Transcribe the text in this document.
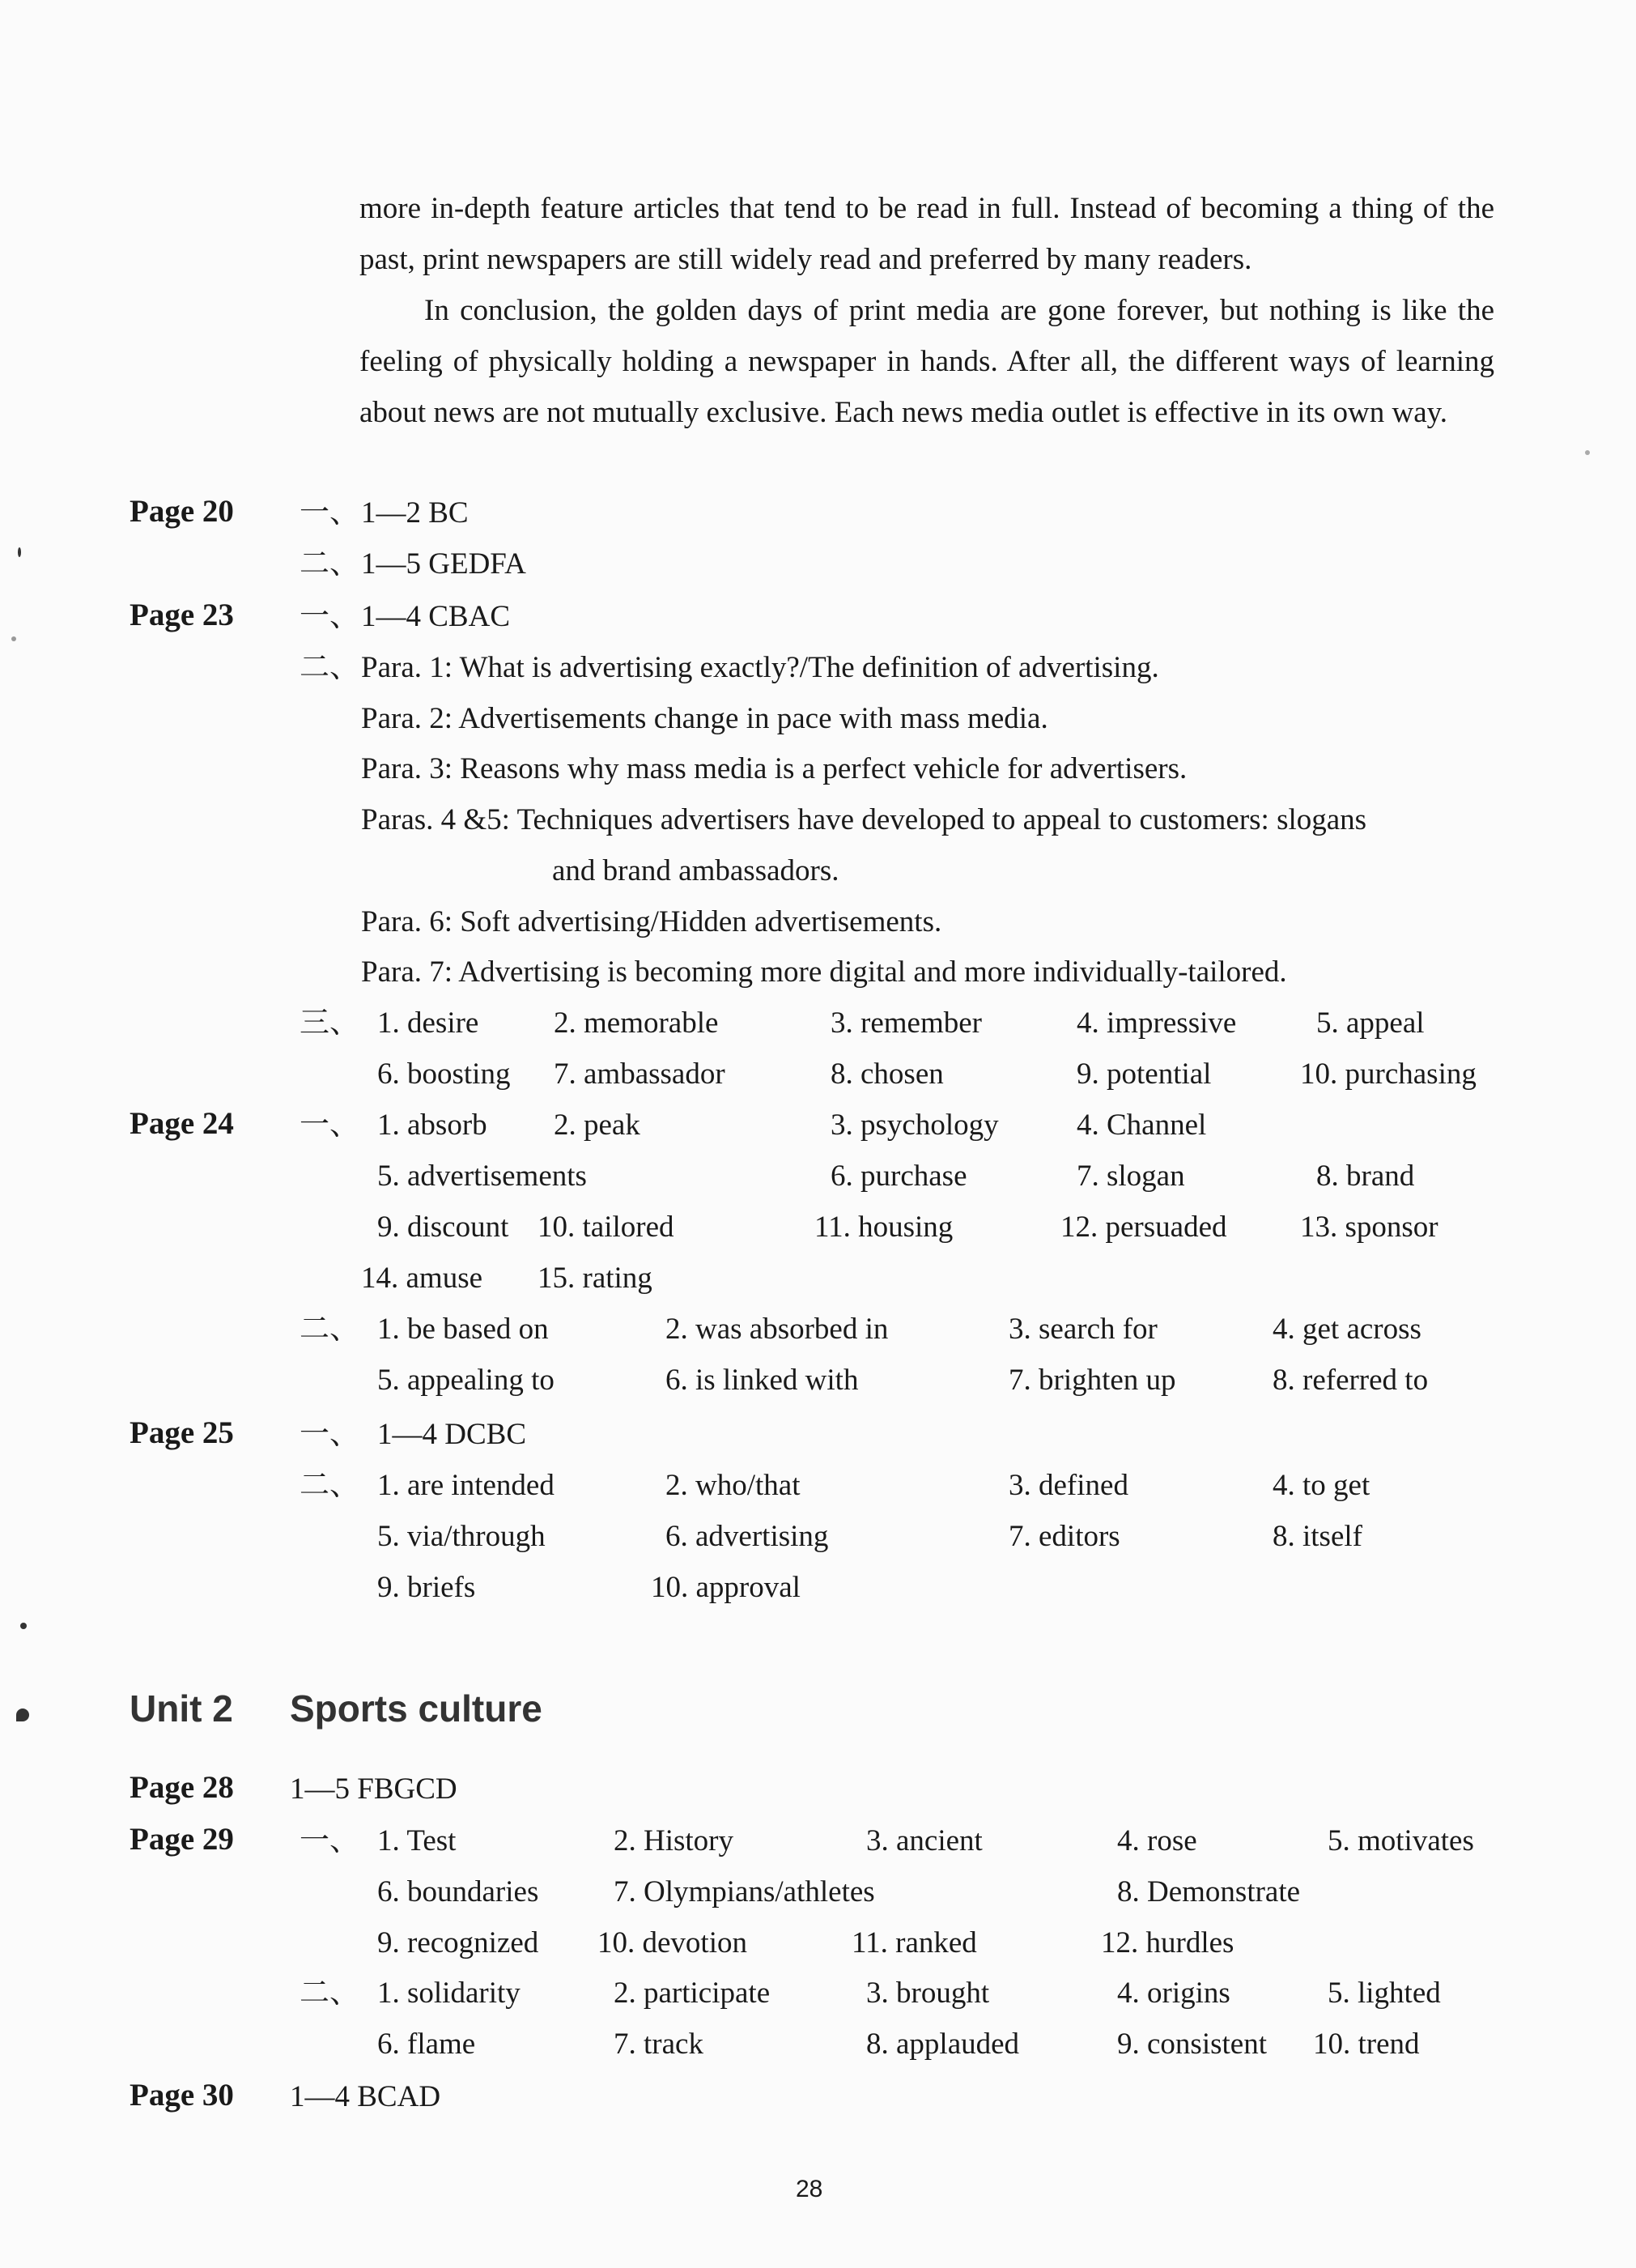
more in-depth feature articles that tend to be read in full. Instead of becoming a thing of the past, print newspapers are still widely read and preferred by many readers.
In conclusion, the golden days of print media are gone forever, but nothing is like the feeling of physically holding a newspaper in hands. After all, the different ways of learning about news are not mutually exclusive. Each news media outlet is effective in its own way.
Page 20 一、 1—2 BC
二、 1—5 GEDFA
Page 23 一、 1—4 CBAC
二、 Para. 1: What is advertising exactly?/The definition of advertising.
Para. 2: Advertisements change in pace with mass media.
Para. 3: Reasons why mass media is a perfect vehicle for advertisers.
Paras. 4 &5: Techniques advertisers have developed to appeal to customers: slogans
and brand ambassadors.
Para. 6: Soft advertising/Hidden advertisements.
Para. 7: Advertising is becoming more digital and more individually-tailored.
三、 1. desire	2. memorable	3. remember	4. impressive	5. appeal
6. boosting 7. ambassador	8. chosen	9. potential	10. purchasing
Page 24 一、 1. absorb 2. peak	3. psychology	4. Channel
5. advertisements	6. purchase	7. slogan	8. brand
9. discount 10. tailored	11. housing	12. persuaded 13. sponsor
14. amuse 15. rating
二、 1. be based on	2. was absorbed in	3. search for	4. get across
5. appealing to	6. is linked with	7. brighten up	8. referred to
Page 25 一、 1—4 DCBC
二、 1. are intended	2. who/that	3. defined	4. to get
5. via/through	6. advertising	7. editors	8. itself
9. briefs	10. approval
Unit 2 Sports culture
Page 28 1—5 FBGCD
Page 29 一、 1. Test	2. History	3. ancient	4. rose	5. motivates
6. boundaries	7. Olympians/athletes	8. Demonstrate
9. recognized 10. devotion	11. ranked	12. hurdles
二、 1. solidarity	2. participate	3. brought	4. origins	5. lighted
6. flame	7. track	8. applauded	9. consistent 10. trend
Page 30 1—4 BCAD
28
